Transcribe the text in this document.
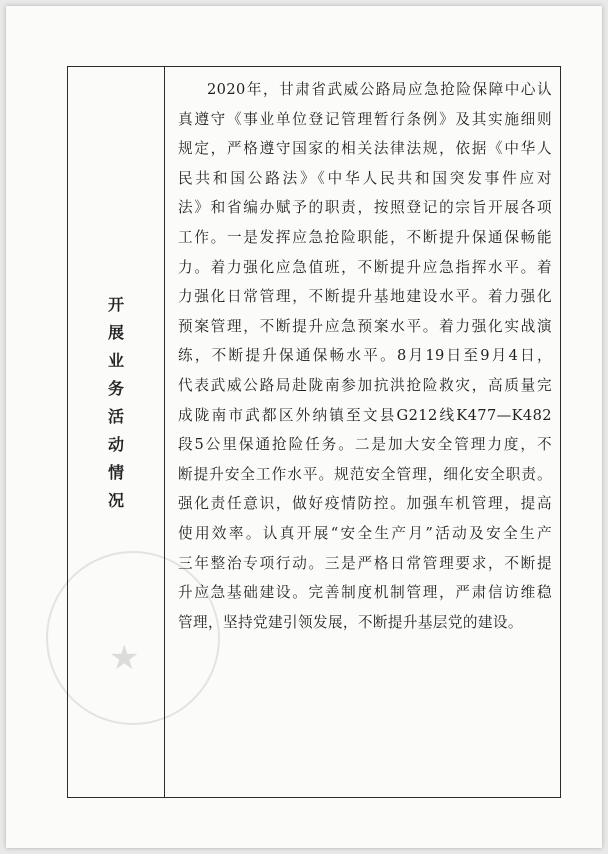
★
开
展
业
务
活
动
情
况
2020年，甘肃省武威公路局应急抢险保障中心认
真遵守《事业单位登记管理暂行条例》及其实施细则
规定，严格遵守国家的相关法律法规，依据《中华人
民共和国公路法》《中华人民共和国突发事件应对
法》和省编办赋予的职责，按照登记的宗旨开展各项
工作。一是发挥应急抢险职能，不断提升保通保畅能
力。着力强化应急值班，不断提升应急指挥水平。着
力强化日常管理，不断提升基地建设水平。着力强化
预案管理，不断提升应急预案水平。着力强化实战演
练，不断提升保通保畅水平。8月19日至9月4日，
代表武威公路局赴陇南参加抗洪抢险救灾，高质量完
成陇南市武都区外纳镇至文县G212线K477—K482
段5公里保通抢险任务。二是加大安全管理力度，不
断提升安全工作水平。规范安全管理，细化安全职责。
强化责任意识，做好疫情防控。加强车机管理，提高
使用效率。认真开展“安全生产月”活动及安全生产
三年整治专项行动。三是严格日常管理要求，不断提
升应急基础建设。完善制度机制管理，严肃信访维稳
管理，坚持党建引领发展，不断提升基层党的建设。
